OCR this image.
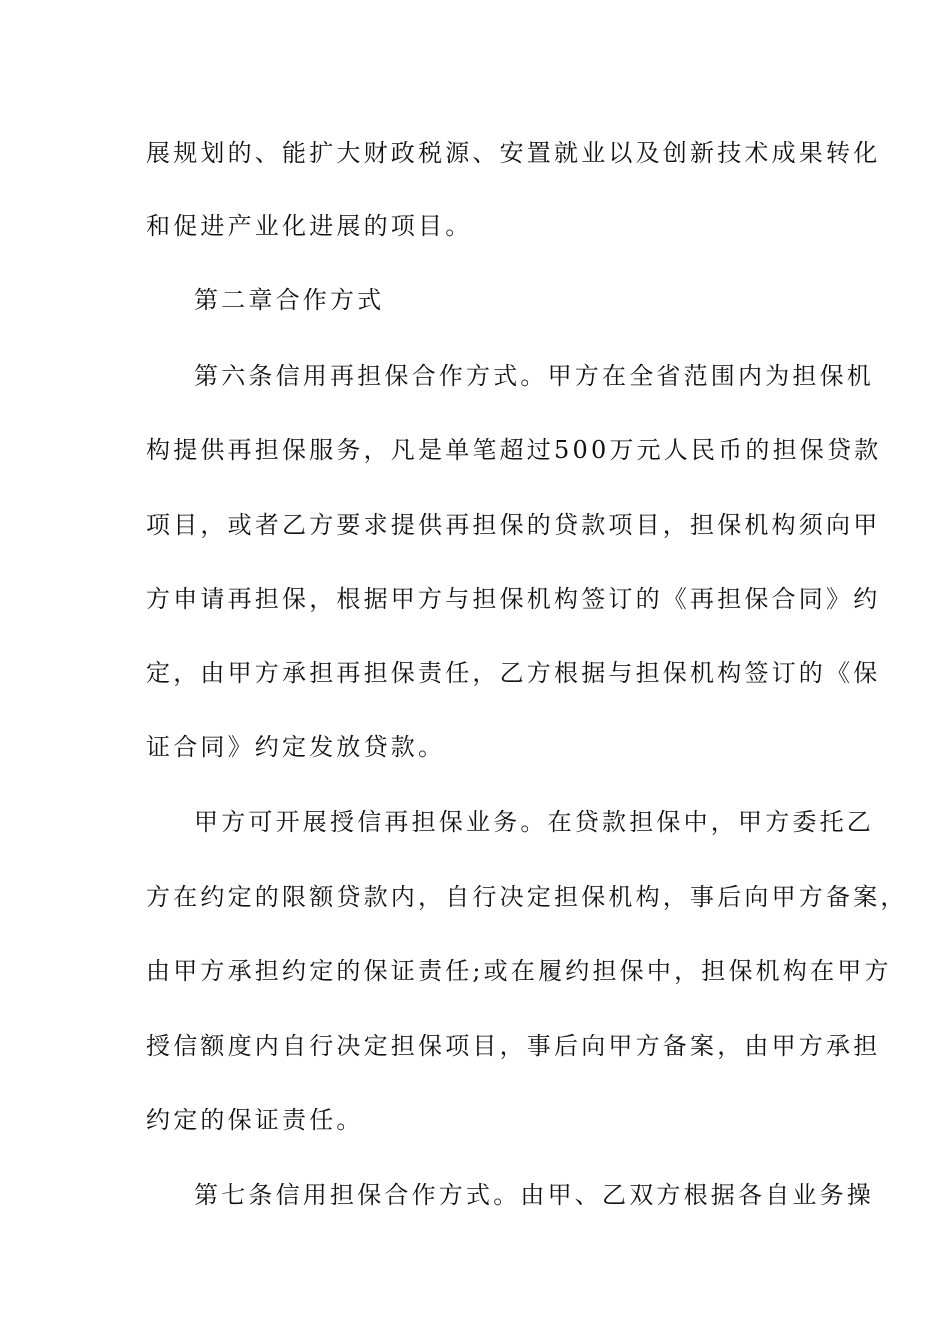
展规划的、能扩大财政税源、安置就业以及创新技术成果转化
和促进产业化进展的项目。
第二章合作方式
第六条信用再担保合作方式。甲方在全省范围内为担保机
构提供再担保服务，凡是单笔超过500万元人民币的担保贷款
项目，或者乙方要求提供再担保的贷款项目，担保机构须向甲
方申请再担保，根据甲方与担保机构签订的《再担保合同》约
定，由甲方承担再担保责任，乙方根据与担保机构签订的《保
证合同》约定发放贷款。
甲方可开展授信再担保业务。在贷款担保中，甲方委托乙
方在约定的限额贷款内，自行决定担保机构，事后向甲方备案，
由甲方承担约定的保证责任;或在履约担保中，担保机构在甲方
授信额度内自行决定担保项目，事后向甲方备案，由甲方承担
约定的保证责任。
第七条信用担保合作方式。由甲、乙双方根据各自业务操
